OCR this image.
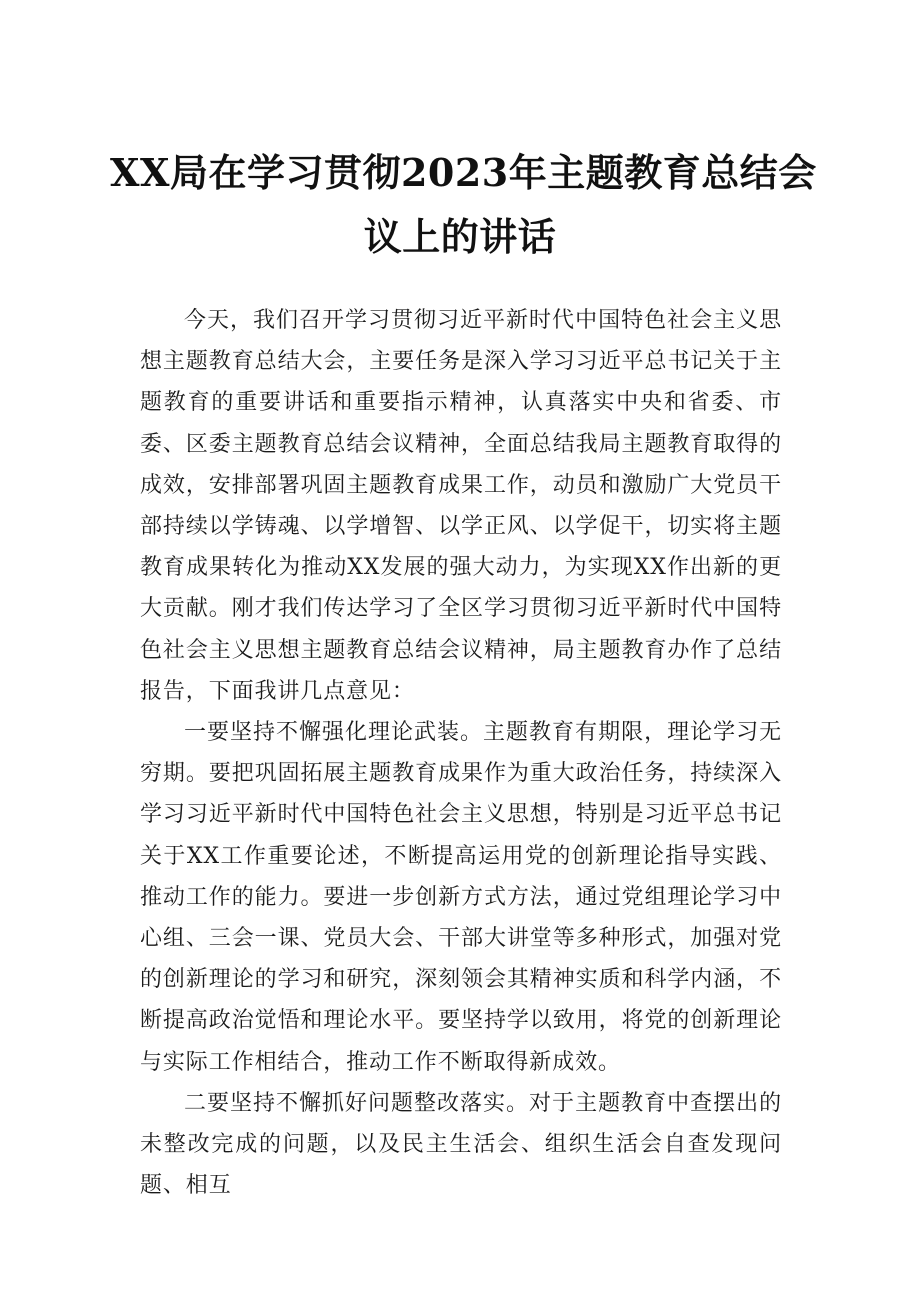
XX局在学习贯彻2023年主题教育总结会
议上的讲话

今天，我们召开学习贯彻习近平新时代中国特色社会主义思想主题教育总结大会，主要任务是深入学习习近平总书记关于主题教育的重要讲话和重要指示精神，认真落实中央和省委、市委、区委主题教育总结会议精神，全面总结我局主题教育取得的成效，安排部署巩固主题教育成果工作，动员和激励广大党员干部持续以学铸魂、以学增智、以学正风、以学促干，切实将主题教育成果转化为推动XX发展的强大动力，为实现XX作出新的更大贡献。刚才我们传达学习了全区学习贯彻习近平新时代中国特色社会主义思想主题教育总结会议精神，局主题教育办作了总结报告，下面我讲几点意见：

一要坚持不懈强化理论武装。主题教育有期限，理论学习无穷期。要把巩固拓展主题教育成果作为重大政治任务，持续深入学习习近平新时代中国特色社会主义思想，特别是习近平总书记关于XX工作重要论述，不断提高运用党的创新理论指导实践、推动工作的能力。要进一步创新方式方法，通过党组理论学习中心组、三会一课、党员大会、干部大讲堂等多种形式，加强对党的创新理论的学习和研究，深刻领会其精神实质和科学内涵，不断提高政治觉悟和理论水平。要坚持学以致用，将党的创新理论与实际工作相结合，推动工作不断取得新成效。

二要坚持不懈抓好问题整改落实。对于主题教育中查摆出的未整改完成的问题，以及民主生活会、组织生活会自查发现问题、相互
